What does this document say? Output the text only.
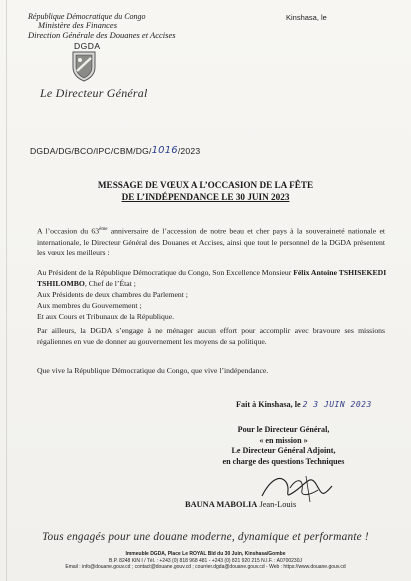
République Démocratique du Congo
Ministère des Finances
Direction Générale des Douanes et Accises
DGDA
Kinshasa, le
Le Directeur Général
DGDA/DG/BCO/IPC/CBM/DG/1016/2023
MESSAGE DE VŒUX A L’OCCASION DE LA FÊTE
DE L’INDÉPENDANCE LE 30 JUIN 2023
A l’occasion du 63ème anniversaire de l’accession de notre beau et cher pays à la souveraineté nationale et internationale, le Directeur Général des Douanes et Accises, ainsi que tout le personnel de la DGDA présentent les vœux les meilleurs :
Au Président de la République Démocratique du Congo, Son Excellence Monsieur Félix Antoine TSHISEKEDI TSHILOMBO, Chef de l’État ;
Aux Présidents de deux chambres du Parlement ;
Aux membres du Gouvernement ;
Et aux Cours et Tribunaux de la République.
Par ailleurs, la DGDA s’engage à ne ménager aucun effort pour accomplir avec bravoure ses missions régaliennes en vue de donner au gouvernement les moyens de sa politique.
Que vive la République Démocratique du Congo, que vive l’indépendance.
Fait à Kinshasa, le 2 3 JUIN 2023
Pour le Directeur Général,
« en mission »
Le Directeur Général Adjoint,
en charge des questions Techniques
BAUNA MABOLIA Jean-Louis
Tous engagés pour une douane moderne, dynamique et performante !
Immeuble DGDA, Place Le ROYAL Bld du 30 Juin, Kinshasa/Gombe
B.P. 8248 KIN I / Tél. : +243 (0) 818 968 481 - +243 (0) 821 920 215 N.I.F. : A0700230J
Email : info@douane.gouv.cd ; contact@douane.gouv.cd ; courrier.dgda@douane.gouv.cd - Web : https://www.douane.gouv.cd
